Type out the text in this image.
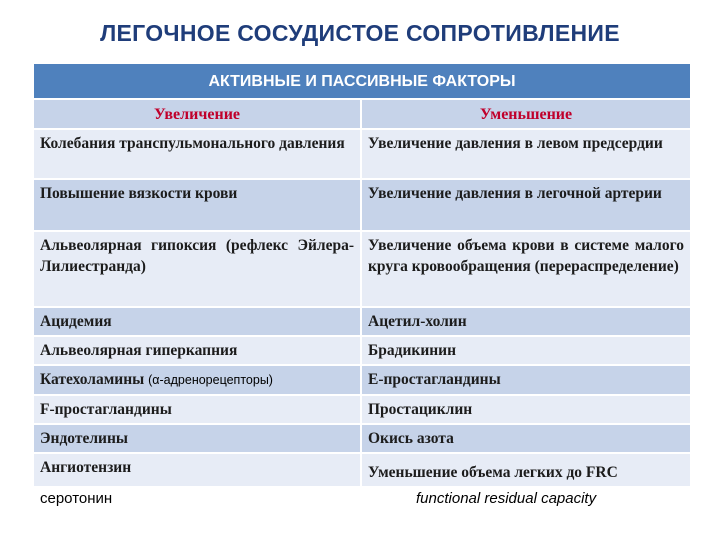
ЛЕГОЧНОЕ СОСУДИСТОЕ СОПРОТИВЛЕНИЕ
АКТИВНЫЕ И ПАССИВНЫЕ ФАКТОРЫ	
Увеличение	Уменьшение
Колебания транспульмонального давления	Увеличение давления в левом предсердии
Повышение вязкости крови	Увеличение давления в легочной артерии
Альвеолярная гипоксия (рефлекс Эйлера-Лилиестранда)	Увеличение объема крови в системе малого круга кровообращения (перераспределение)
Ацидемия	Ацетил-холин
Альвеолярная гиперкапния	Брадикинин
Катехоламины (α-адренорецепторы)	Е-простагландины
F-простагландины	Простациклин
Эндотелины	Окись азота
Ангиотензин	Уменьшение объема легких до FRC
серотонин	functional residual capacity
